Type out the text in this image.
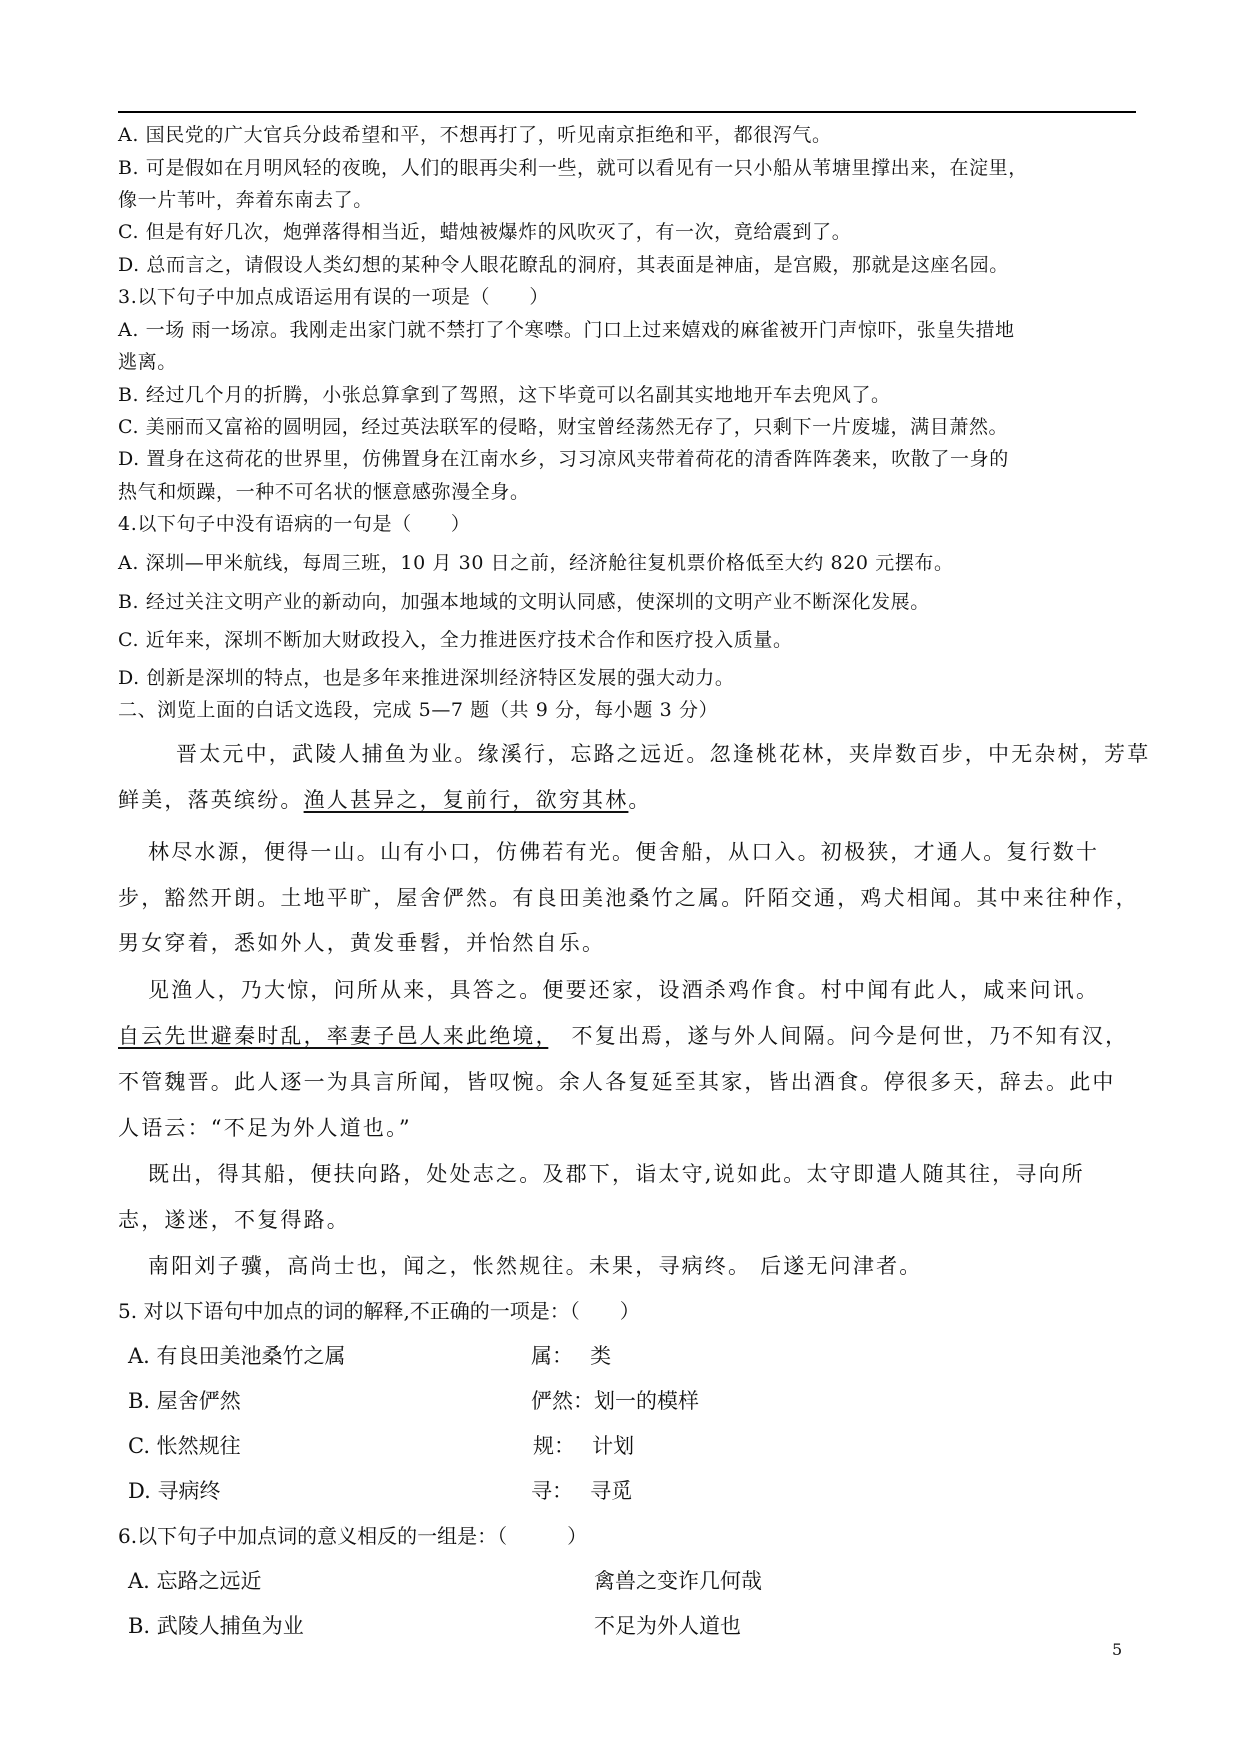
A. 国民党的广大官兵分歧希望和平，不想再打了，听见南京拒绝和平，都很泻气。
B. 可是假如在月明风轻的夜晚，人们的眼再尖利一些，就可以看见有一只小船从苇塘里撑出来，在淀里，
像一片苇叶，奔着东南去了。
C. 但是有好几次，炮弹落得相当近，蜡烛被爆炸的风吹灭了，有一次，竟给震到了。
D. 总而言之，请假设人类幻想的某种令人眼花瞭乱的洞府，其表面是神庙，是宫殿，那就是这座名园。
3.以下句子中加点成语运用有误的一项是（　　）
A. 一场 雨一场凉。我刚走出家门就不禁打了个寒噤。门口上过来嬉戏的麻雀被开门声惊吓，张皇失措地
逃离。
B. 经过几个月的折腾，小张总算拿到了驾照，这下毕竟可以名副其实地地开车去兜风了。
C. 美丽而又富裕的圆明园，经过英法联军的侵略，财宝曾经荡然无存了，只剩下一片废墟，满目萧然。
D. 置身在这荷花的世界里，仿佛置身在江南水乡，习习凉风夹带着荷花的清香阵阵袭来，吹散了一身的
热气和烦躁，一种不可名状的惬意感弥漫全身。
4.以下句子中没有语病的一句是（　　）
A. 深圳—甲米航线，每周三班，10 月 30 日之前，经济舱往复机票价格低至大约 820 元摆布。
B. 经过关注文明产业的新动向，加强本地域的文明认同感，使深圳的文明产业不断深化发展。
C. 近年来，深圳不断加大财政投入，全力推进医疗技术合作和医疗投入质量。
D. 创新是深圳的特点，也是多年来推进深圳经济特区发展的强大动力。
二、浏览上面的白话文选段，完成 5—7 题（共 9 分，每小题 3 分）
晋太元中，武陵人捕鱼为业。缘溪行，忘路之远近。忽逢桃花林，夹岸数百步，中无杂树，芳草
鲜美，落英缤纷。渔人甚异之，复前行，欲穷其林。
林尽水源，便得一山。山有小口，仿佛若有光。便舍船，从口入。初极狭，才通人。复行数十
步，豁然开朗。土地平旷，屋舍俨然。有良田美池桑竹之属。阡陌交通，鸡犬相闻。其中来往种作，
男女穿着，悉如外人，黄发垂髫，并怡然自乐。
见渔人，乃大惊，问所从来，具答之。便要还家，设酒杀鸡作食。村中闻有此人，咸来问讯。
自云先世避秦时乱，率妻子邑人来此绝境，　不复出焉，遂与外人间隔。问今是何世，乃不知有汉，
不管魏晋。此人逐一为具言所闻，皆叹惋。余人各复延至其家，皆出酒食。停很多天，辞去。此中
人语云：“不足为外人道也。”
既出，得其船，便扶向路，处处志之。及郡下，诣太守,说如此。太守即遣人随其往，寻向所
志，遂迷，不复得路。
南阳刘子骥，高尚士也，闻之，怅然规往。未果，寻病终。 后遂无问津者。
5. 对以下语句中加点的词的解释,不正确的一项是：（　　）
A. 有良田美池桑竹之属	属：　 类
B. 屋舍俨然	俨然：划一的模样
C. 怅然规往	规：　 计划
D. 寻病终	寻：　 寻觅
6.以下句子中加点词的意义相反的一组是：（　　　）
A. 忘路之远近	禽兽之变诈几何哉
B. 武陵人捕鱼为业	不足为外人道也
5
